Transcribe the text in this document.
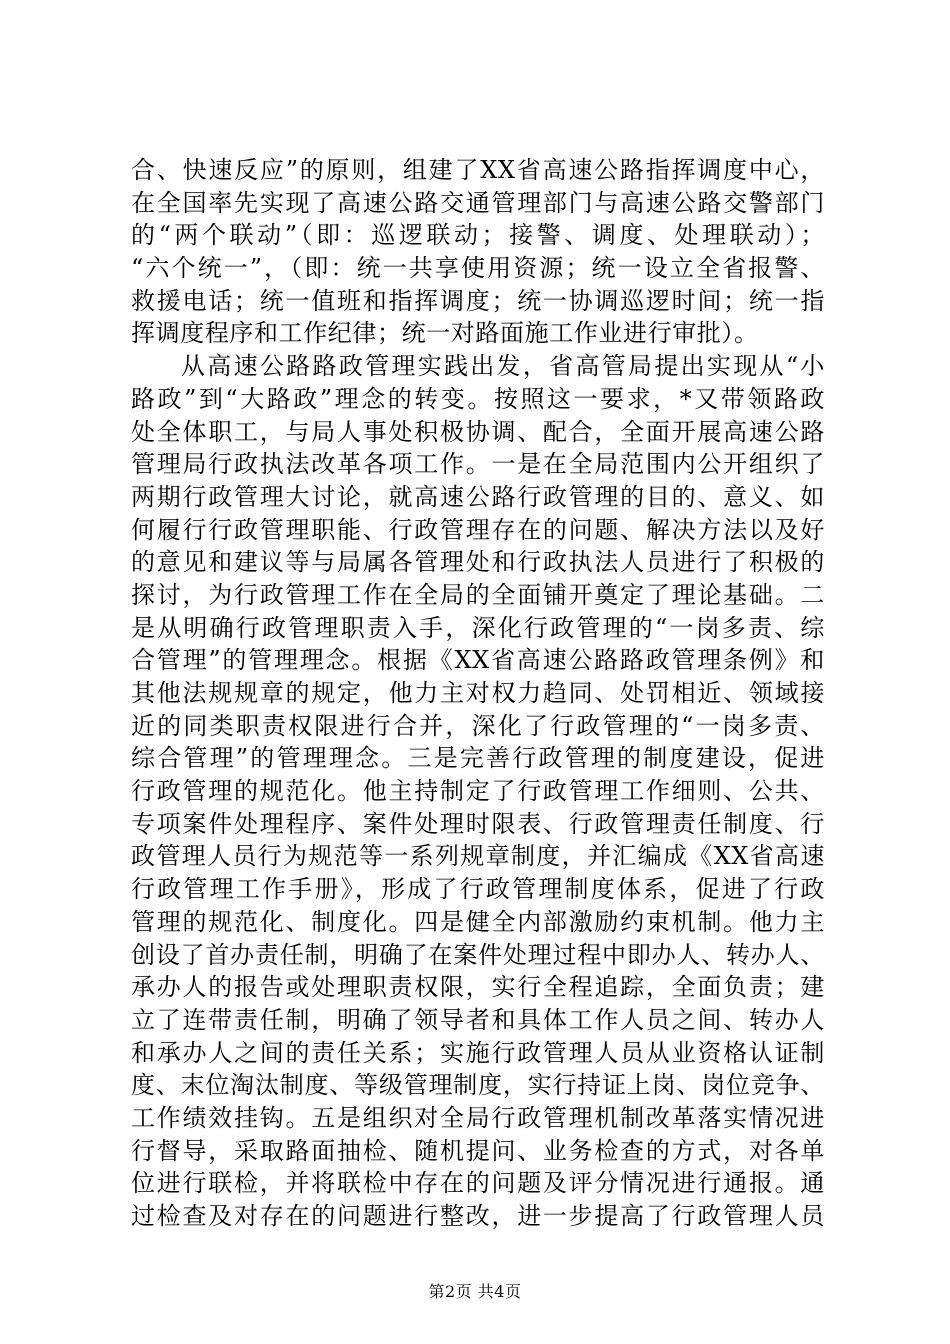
合、快速反应”的原则，组建了XX省高速公路指挥调度中心，
在全国率先实现了高速公路交通管理部门与高速公路交警部门
的“两个联动”（即：巡逻联动；接警、调度、处理联动）；
“六个统一”，（即：统一共享使用资源；统一设立全省报警、
救援电话；统一值班和指挥调度；统一协调巡逻时间；统一指
挥调度程序和工作纪律；统一对路面施工作业进行审批）。
从高速公路路政管理实践出发，省高管局提出实现从“小
路政”到“大路政”理念的转变。按照这一要求，*又带领路政
处全体职工，与局人事处积极协调、配合，全面开展高速公路
管理局行政执法改革各项工作。一是在全局范围内公开组织了
两期行政管理大讨论，就高速公路行政管理的目的、意义、如
何履行行政管理职能、行政管理存在的问题、解决方法以及好
的意见和建议等与局属各管理处和行政执法人员进行了积极的
探讨，为行政管理工作在全局的全面铺开奠定了理论基础。二
是从明确行政管理职责入手，深化行政管理的“一岗多责、综
合管理”的管理理念。根据《XX省高速公路路政管理条例》和
其他法规规章的规定，他力主对权力趋同、处罚相近、领域接
近的同类职责权限进行合并，深化了行政管理的“一岗多责、
综合管理”的管理理念。三是完善行政管理的制度建设，促进
行政管理的规范化。他主持制定了行政管理工作细则、公共、
专项案件处理程序、案件处理时限表、行政管理责任制度、行
政管理人员行为规范等一系列规章制度，并汇编成《XX省高速
行政管理工作手册》，形成了行政管理制度体系，促进了行政
管理的规范化、制度化。四是健全内部激励约束机制。他力主
创设了首办责任制，明确了在案件处理过程中即办人、转办人、
承办人的报告或处理职责权限，实行全程追踪，全面负责；建
立了连带责任制，明确了领导者和具体工作人员之间、转办人
和承办人之间的责任关系；实施行政管理人员从业资格认证制
度、末位淘汰制度、等级管理制度，实行持证上岗、岗位竞争、
工作绩效挂钩。五是组织对全局行政管理机制改革落实情况进
行督导，采取路面抽检、随机提问、业务检查的方式，对各单
位进行联检，并将联检中存在的问题及评分情况进行通报。通
过检查及对存在的问题进行整改，进一步提高了行政管理人员
第2页 共4页
